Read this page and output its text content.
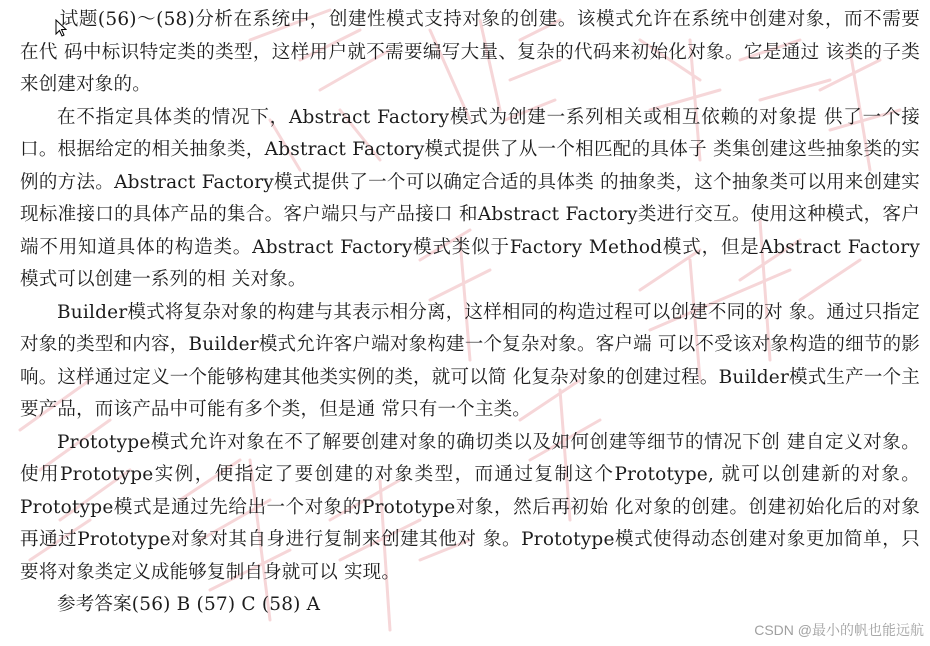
试题(56)～(58)分析在系统中，创建性模式支持对象的创建。该模式允许在系统中创建对象，而不需要在代 码中标识特定类的类型，这样用户就不需要编写大量、复杂的代码来初始化对象。它是通过 该类的子类来创建对象的。

在不指定具体类的情况下，Abstract Factory模式为创建一系列相关或相互依赖的对象提 供了一个接口。根据给定的相关抽象类，Abstract Factory模式提供了从一个相匹配的具体子 类集创建这些抽象类的实例的方法。Abstract Factory模式提供了一个可以确定合适的具体类 的抽象类，这个抽象类可以用来创建实现标准接口的具体产品的集合。客户端只与产品接口 和Abstract Factory类进行交互。使用这种模式，客户端不用知道具体的构造类。Abstract Factory模式类似于Factory Method模式，但是Abstract Factory模式可以创建一系列的相 关对象。

Builder模式将复杂对象的构建与其表示相分离，这样相同的构造过程可以创建不同的对 象。通过只指定对象的类型和内容，Builder模式允许客户端对象构建一个复杂对象。客户端 可以不受该对象构造的细节的影响。这样通过定义一个能够构建其他类实例的类，就可以简 化复杂对象的创建过程。Builder模式生产一个主要产品，而该产品中可能有多个类，但是通 常只有一个主类。

Prototype模式允许对象在不了解要创建对象的确切类以及如何创建等细节的情况下创 建自定义对象。使用Prototype实例，便指定了要创建的对象类型，而通过复制这个Prototype, 就可以创建新的对象。Prototype模式是通过先给出一个对象的Prototype对象，然后再初始 化对象的创建。创建初始化后的对象再通过Prototype对象对其自身进行复制来创建其他对 象。Prototype模式使得动态创建对象更加简单，只要将对象类定义成能够复制自身就可以 实现。

参考答案(56) B (57) C (58) A

CSDN @最小的帆也能远航
